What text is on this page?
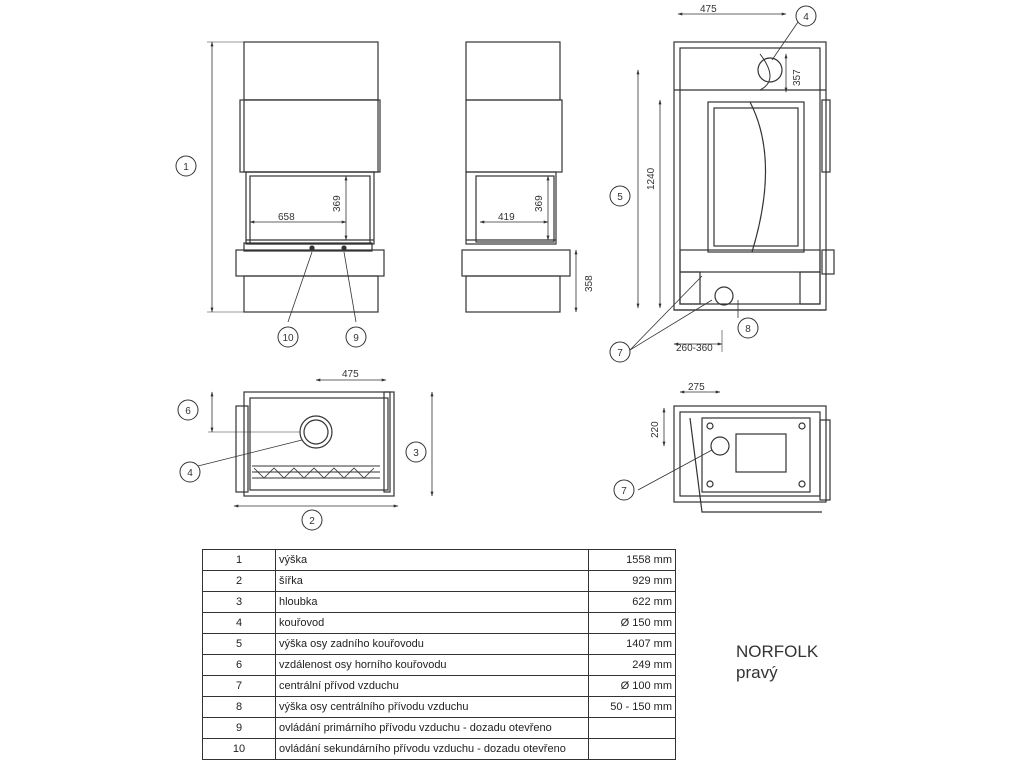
658
369
419
369
358
475
357
1240
260-360
475
275
220
1
10	9
5
4
7
8
6
4
3
2
7
1	výška	1558 mm
2	šířka	929 mm
3	hloubka	622 mm
4	kouřovod	Ø 150 mm
5	výška osy zadního kouřovodu	1407 mm
6	vzdálenost osy horního kouřovodu	249 mm
7	centrální přívod vzduchu	Ø 100 mm
8	výška osy centrálního přívodu vzduchu	50 - 150 mm
9	ovládání primárního přívodu vzduchu - dozadu otevřeno	
10	ovládání sekundárního přívodu vzduchu - dozadu otevřeno	
NORFOLK
pravý
